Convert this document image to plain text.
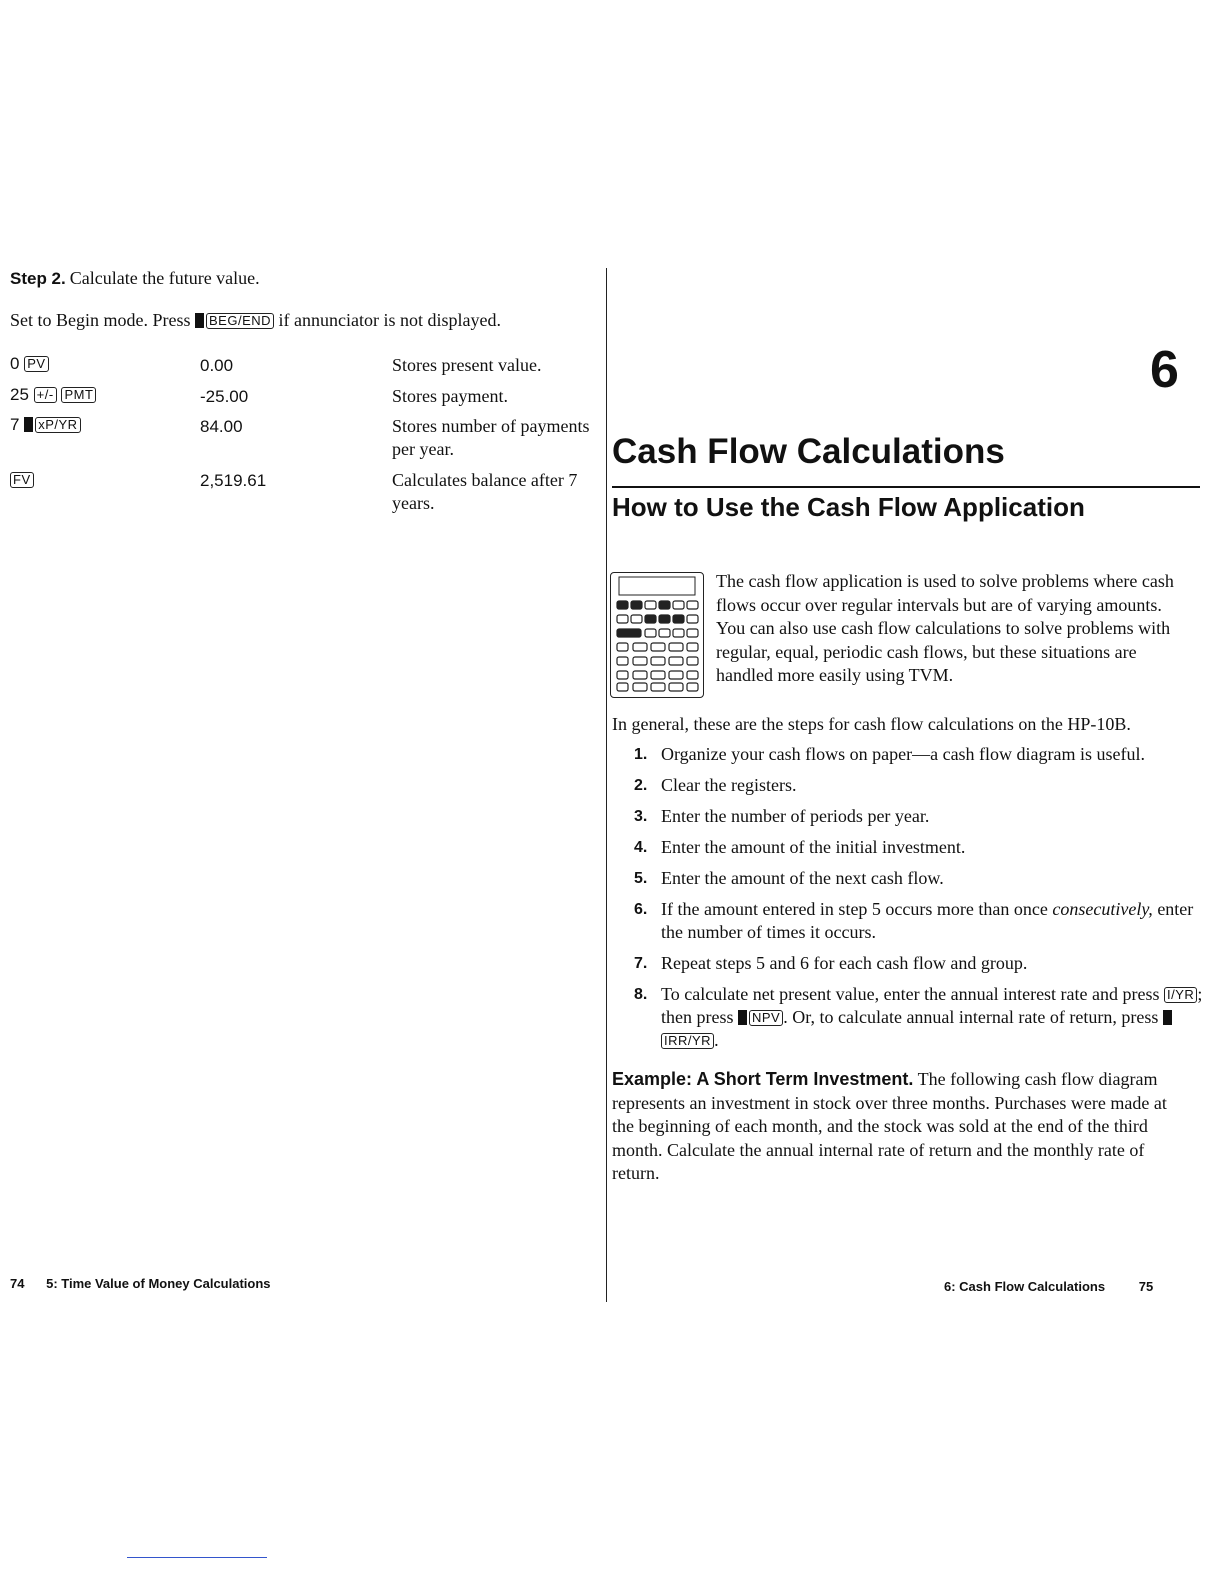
Step 2. Calculate the future value.
Set to Begin mode. Press BEG/END if annunciator is not displayed.
0 PV	0.00	Stores present value.
25 +/- PMT	-25.00	Stores payment.
7 xP/YR	84.00	Stores number of payments per year.
FV	2,519.61	Calculates balance after 7 years.
74 5: Time Value of Money Calculations
6
Cash Flow Calculations
How to Use the Cash Flow Application
The cash flow application is used to solve problems where cash flows occur over regular intervals but are of varying amounts. You can also use cash flow calculations to solve problems with regular, equal, periodic cash flows, but these situations are handled more easily using TVM.
In general, these are the steps for cash flow calculations on the HP-10B.
1. Organize your cash flows on paper—a cash flow diagram is useful.
2. Clear the registers.
3. Enter the number of periods per year.
4. Enter the amount of the initial investment.
5. Enter the amount of the next cash flow.
6. If the amount entered in step 5 occurs more than once consecutively, enter the number of times it occurs.
7. Repeat steps 5 and 6 for each cash flow and group.
8. To calculate net present value, enter the annual interest rate and press I/YR ; then press NPV . Or, to calculate annual internal rate of return, press IRR/YR .
Example: A Short Term Investment. The following cash flow diagram represents an investment in stock over three months. Purchases were made at the beginning of each month, and the stock was sold at the end of the third month. Calculate the annual internal rate of return and the monthly rate of return.
6: Cash Flow Calculations	75
